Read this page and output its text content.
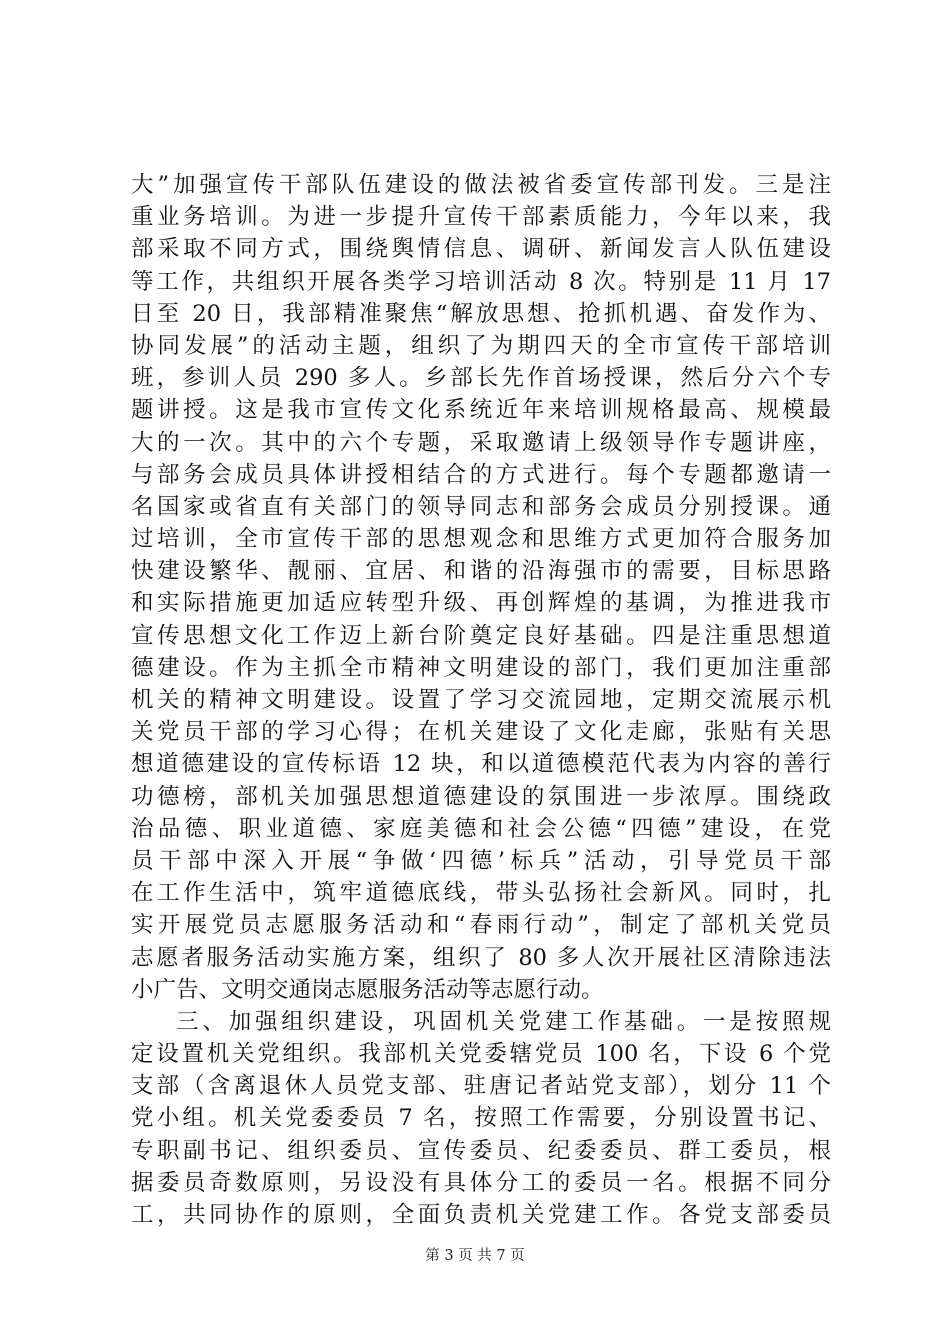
大”加强宣传干部队伍建设的做法被省委宣传部刊发。三是注
重业务培训。为进一步提升宣传干部素质能力，今年以来，我
部采取不同方式，围绕舆情信息、调研、新闻发言人队伍建设
等工作，共组织开展各类学习培训活动 8 次。特别是 11 月 17
日至 20 日，我部精准聚焦“解放思想、抢抓机遇、奋发作为、
协同发展”的活动主题，组织了为期四天的全市宣传干部培训
班，参训人员 290 多人。乡部长先作首场授课，然后分六个专
题讲授。这是我市宣传文化系统近年来培训规格最高、规模最
大的一次。其中的六个专题，采取邀请上级领导作专题讲座，
与部务会成员具体讲授相结合的方式进行。每个专题都邀请一
名国家或省直有关部门的领导同志和部务会成员分别授课。通
过培训，全市宣传干部的思想观念和思维方式更加符合服务加
快建设繁华、靓丽、宜居、和谐的沿海强市的需要，目标思路
和实际措施更加适应转型升级、再创辉煌的基调，为推进我市
宣传思想文化工作迈上新台阶奠定良好基础。四是注重思想道
德建设。作为主抓全市精神文明建设的部门，我们更加注重部
机关的精神文明建设。设置了学习交流园地，定期交流展示机
关党员干部的学习心得；在机关建设了文化走廊，张贴有关思
想道德建设的宣传标语 12 块，和以道德模范代表为内容的善行
功德榜，部机关加强思想道德建设的氛围进一步浓厚。围绕政
治品德、职业道德、家庭美德和社会公德“四德”建设，在党
员干部中深入开展“争做‘四德’标兵”活动，引导党员干部
在工作生活中，筑牢道德底线，带头弘扬社会新风。同时，扎
实开展党员志愿服务活动和“春雨行动”，制定了部机关党员
志愿者服务活动实施方案，组织了 80 多人次开展社区清除违法
小广告、文明交通岗志愿服务活动等志愿行动。
三、加强组织建设，巩固机关党建工作基础。一是按照规
定设置机关党组织。我部机关党委辖党员 100 名，下设 6 个党
支部（含离退休人员党支部、驻唐记者站党支部），划分 11 个
党小组。机关党委委员 7 名，按照工作需要，分别设置书记、
专职副书记、组织委员、宣传委员、纪委委员、群工委员，根
据委员奇数原则，另设没有具体分工的委员一名。根据不同分
工，共同协作的原则，全面负责机关党建工作。各党支部委员
第 3 页 共 7 页
